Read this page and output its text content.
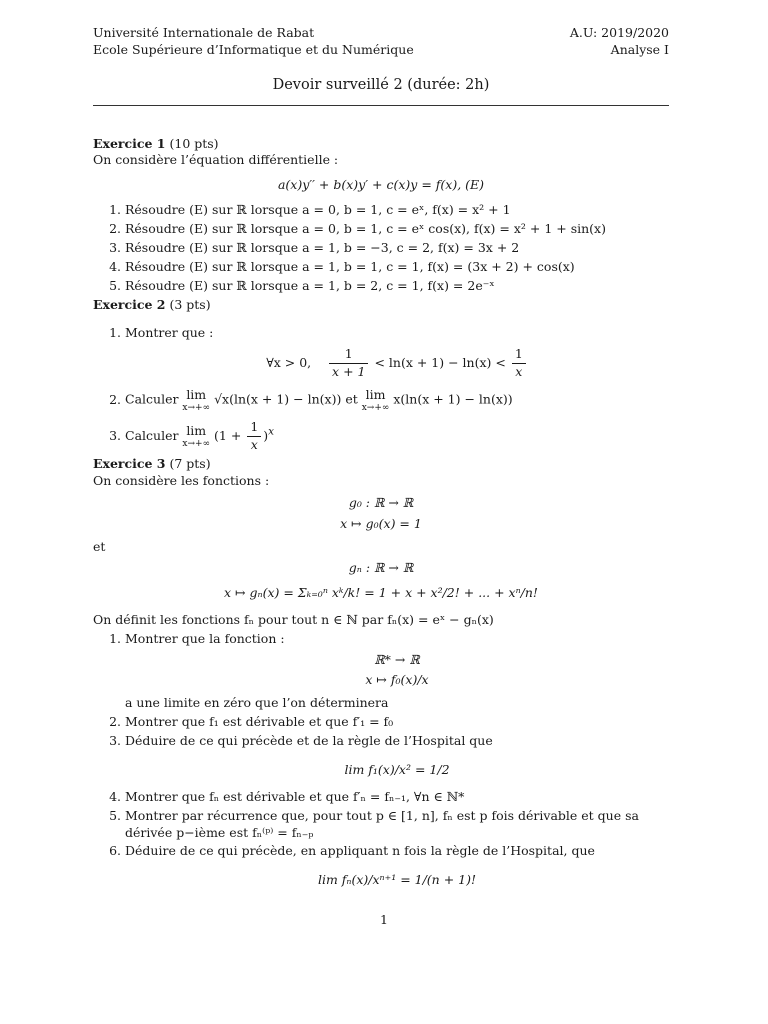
Université Internationale de Rabat
Ecole Supérieure d’Informatique et du Numérique
A.U: 2019/2020
Analyse I
Devoir surveillé 2 (durée: 2h)
Exercice 1 (10 pts)
On considère l’équation différentielle :
a(x)y′′ + b(x)y′ + c(x)y = f(x), (E)
1. Résoudre (E) sur ℝ lorsque a = 0, b = 1, c = eˣ, f(x) = x² + 1
2. Résoudre (E) sur ℝ lorsque a = 0, b = 1, c = eˣ cos(x), f(x) = x² + 1 + sin(x)
3. Résoudre (E) sur ℝ lorsque a = 1, b = −3, c = 2, f(x) = 3x + 2
4. Résoudre (E) sur ℝ lorsque a = 1, b = 1, c = 1, f(x) = (3x + 2) + cos(x)
5. Résoudre (E) sur ℝ lorsque a = 1, b = 2, c = 1, f(x) = 2e⁻ˣ
Exercice 2 (3 pts)
1. Montrer que :
∀x > 0, $\frac{1}{x + 1} < \ln(x + 1) - \ln(x) < \frac{1}{x}$
2. Calculer lim
x→+∞
√x(ln(x + 1) − ln(x)) et lim
x→+∞
x(ln(x + 1) − ln(x))
3. Calculer lim
x→+∞
$(1 + \frac{1}{x} )^x$
Exercice 3 (7 pts)
On considère les fonctions :
g₀ : ℝ → ℝ
x ↦ g₀(x) = 1
et
gₙ : ℝ → ℝ
x ↦ gₙ(x) = Σₖ₌₀ⁿ xᵏ/k! = 1 + x + x²/2! + ... + xⁿ/n!
On définit les fonctions fₙ pour tout n ∈ ℕ par fₙ(x) = eˣ − gₙ(x)
1. Montrer que la fonction :
ℝ* → ℝ
x ↦ f₀(x)/x
a une limite en zéro que l’on déterminera
2. Montrer que f₁ est dérivable et que f′₁ = f₀
3. Déduire de ce qui précède et de la règle de l’Hospital que
lim f₁(x)/x² = 1/2
4. Montrer que fₙ est dérivable et que f′ₙ = fₙ₋₁, ∀n ∈ ℕ*
5. Montrer par récurrence que, pour tout p ∈ [1, n], fₙ est p fois dérivable et que sa dérivée p−ième est fₙ⁽ᵖ⁾ = fₙ₋ₚ
6. Déduire de ce qui précède, en appliquant n fois la règle de l’Hospital, que
lim fₙ(x)/xⁿ⁺¹ = 1/(n + 1)!
1
